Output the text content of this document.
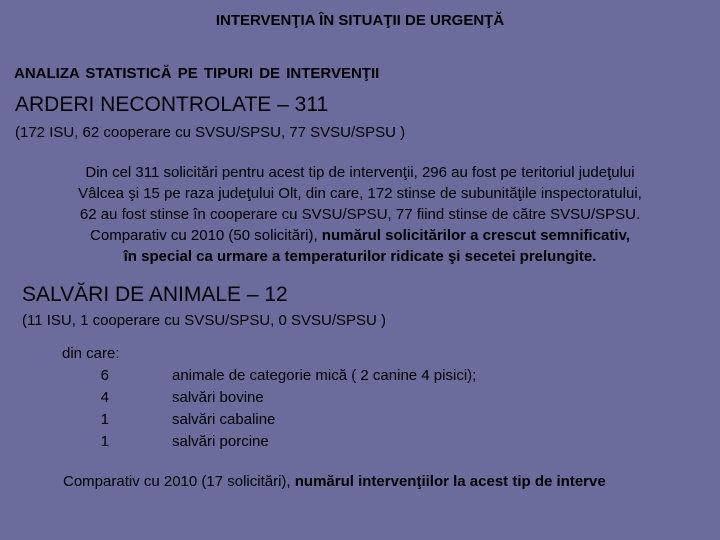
INTERVENŢIA ÎN SITUAŢII DE URGENŢĂ
ANALIZA STATISTICĂ PE TIPURI DE INTERVENŢII
ARDERI NECONTROLATE – 311
(172 ISU, 62 cooperare cu SVSU/SPSU, 77 SVSU/SPSU )
Din cel 311 solicitări pentru acest tip de intervenţii, 296 au fost pe teritoriul judeţului
Vâlcea şi 15 pe raza judeţului Olt, din care, 172 stinse de subunităţile inspectoratului,
62 au fost stinse în cooperare cu SVSU/SPSU, 77 fiind stinse de către SVSU/SPSU.
Comparativ cu 2010 (50 solicitări), numărul solicitărilor a crescut semnificativ,
în special ca urmare a temperaturilor ridicate şi secetei prelungite.
SALVĂRI DE ANIMALE – 12
(11 ISU, 1 cooperare cu SVSU/SPSU, 0 SVSU/SPSU )
din care:
6
4
1
1
animale de categorie mică ( 2 canine 4 pisici);
salvări bovine
salvări cabaline
salvări porcine
Comparativ cu 2010 (17 solicitări), numărul intervenţiilor la acest tip de interve
